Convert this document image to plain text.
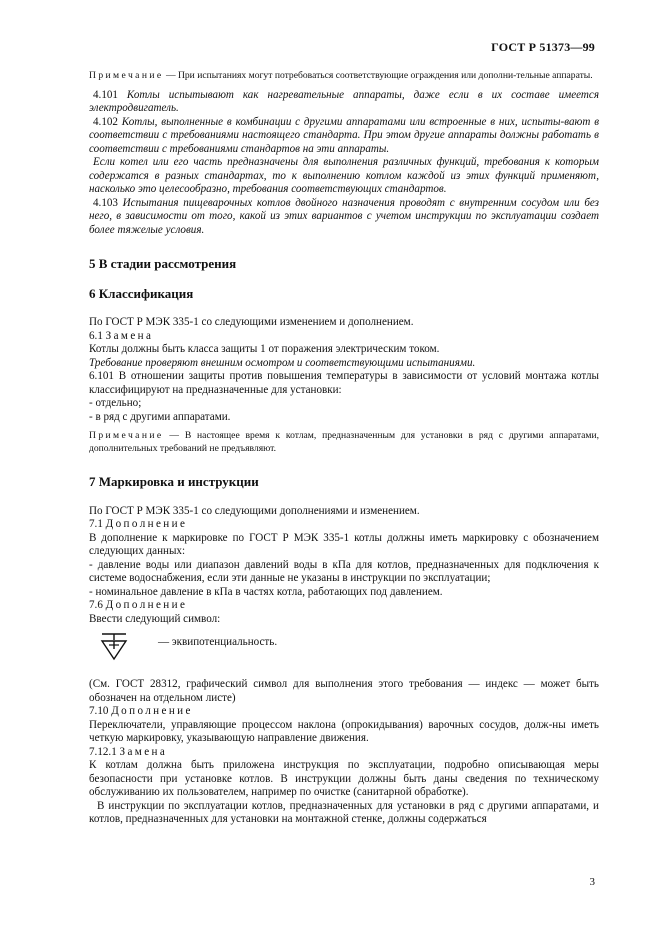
ГОСТ Р 51373—99

Примечание — При испытаниях могут потребоваться соответствующие ограждения или дополни-тельные аппараты.

4.101 Котлы испытывают как нагревательные аппараты, даже если в их составе имеется электродвигатель.

4.102 Котлы, выполненные в комбинации с другими аппаратами или встроенные в них, испыты-вают в соответствии с требованиями настоящего стандарта. При этом другие аппараты должны работать в соответствии с требованиями стандартов на эти аппараты.

Если котел или его часть предназначены для выполнения различных функций, требования к которым содержатся в разных стандартах, то к выполнению котлом каждой из этих функций применяют, насколько это целесообразно, требования соответствующих стандартов.

4.103 Испытания пищеварочных котлов двойного назначения проводят с внутренним сосудом или без него, в зависимости от того, какой из этих вариантов с учетом инструкции по эксплуатации создает более тяжелые условия.

5 В стадии рассмотрения
6 Классификация

По ГОСТ Р МЭК 335-1 со следующими изменением и дополнением.

6.1 Замена

Котлы должны быть класса защиты 1 от поражения электрическим током.

Требование проверяют внешним осмотром и соответствующими испытаниями.

6.101 В отношении защиты против повышения температуры в зависимости от условий монтажа котлы классифицируют на предназначенные для установки:

- отдельно;

- в ряд с другими аппаратами.

Примечание — В настоящее время к котлам, предназначенным для установки в ряд с другими аппаратами, дополнительных требований не предъявляют.

7 Маркировка и инструкции

По ГОСТ Р МЭК 335-1 со следующими дополнениями и изменением.

7.1 Дополнение

В дополнение к маркировке по ГОСТ Р МЭК 335-1 котлы должны иметь маркировку с обозначением следующих данных:

- давление воды или диапазон давлений воды в кПа для котлов, предназначенных для подключения к системе водоснабжения, если эти данные не указаны в инструкции по эксплуатации;

- номинальное давление в кПа в частях котла, работающих под давлением.

7.6 Дополнение

Ввести следующий символ:

— эквипотенциальность.

(См. ГОСТ 28312, графический символ для выполнения этого требования — индекс — может быть обозначен на отдельном листе)

7.10 Дополнение

Переключатели, управляющие процессом наклона (опрокидывания) варочных сосудов, долж-ны иметь четкую маркировку, указывающую направление движения.

7.12.1 Замена

К котлам должна быть приложена инструкция по эксплуатации, подробно описывающая меры безопасности при установке котлов. В инструкции должны быть даны сведения по техническому обслуживанию их пользователем, например по очистке (санитарной обработке).

В инструкции по эксплуатации котлов, предназначенных для установки в ряд с другими аппаратами, и котлов, предназначенных для установки на монтажной стенке, должны содержаться

3
